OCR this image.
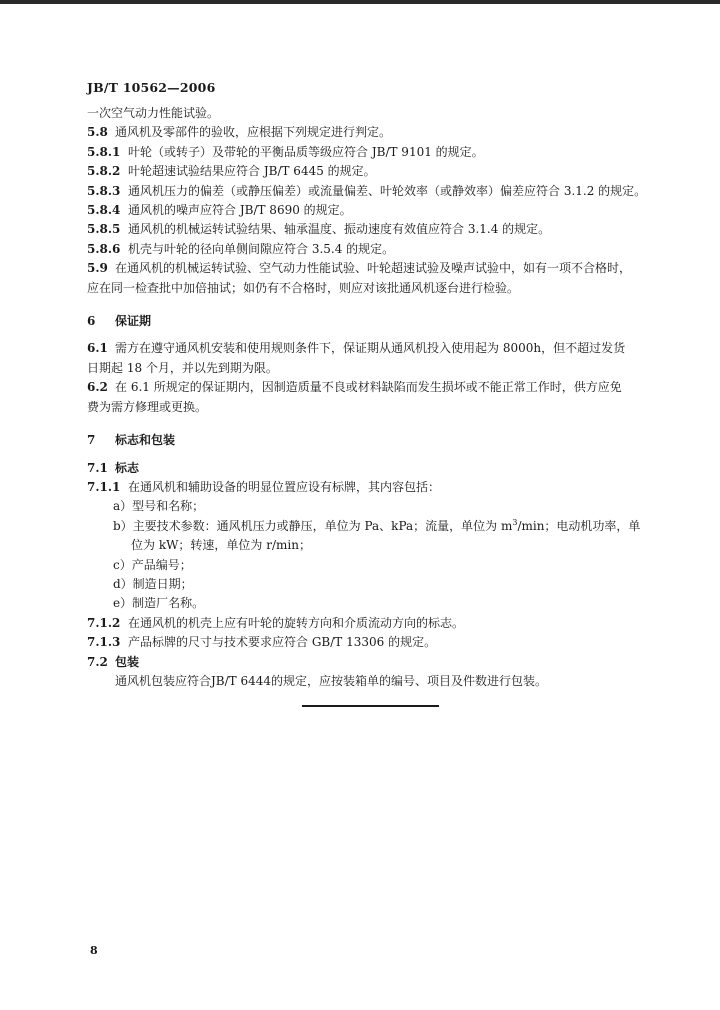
JB/T 10562—2006
一次空气动力性能试验。
5.8 通风机及零部件的验收，应根据下列规定进行判定。
5.8.1 叶轮（或转子）及带轮的平衡品质等级应符合 JB/T 9101 的规定。
5.8.2 叶轮超速试验结果应符合 JB/T 6445 的规定。
5.8.3 通风机压力的偏差（或静压偏差）或流量偏差、叶轮效率（或静效率）偏差应符合 3.1.2 的规定。
5.8.4 通风机的噪声应符合 JB/T 8690 的规定。
5.8.5 通风机的机械运转试验结果、轴承温度、振动速度有效值应符合 3.1.4 的规定。
5.8.6 机壳与叶轮的径向单侧间隙应符合 3.5.4 的规定。
5.9 在通风机的机械运转试验、空气动力性能试验、叶轮超速试验及噪声试验中，如有一项不合格时，
应在同一检查批中加倍抽试；如仍有不合格时，则应对该批通风机逐台进行检验。
6 保证期
6.1 需方在遵守通风机安装和使用规则条件下，保证期从通风机投入使用起为 8000h，但不超过发货
日期起 18 个月，并以先到期为限。
6.2 在 6.1 所规定的保证期内，因制造质量不良或材料缺陷而发生损坏或不能正常工作时，供方应免
费为需方修理或更换。
7 标志和包装
7.1 标志
7.1.1 在通风机和辅助设备的明显位置应设有标牌，其内容包括：
a）型号和名称；
b）主要技术参数：通风机压力或静压，单位为 Pa、kPa；流量，单位为 $m^3/\min$；电动机功率，单
位为 kW；转速，单位为 r/min；
c）产品编号；
d）制造日期；
e）制造厂名称。
7.1.2 在通风机的机壳上应有叶轮的旋转方向和介质流动方向的标志。
7.1.3 产品标牌的尺寸与技术要求应符合 GB/T 13306 的规定。
7.2 包装
通风机包装应符合JB/T 6444的规定，应按装箱单的编号、项目及件数进行包装。
8
